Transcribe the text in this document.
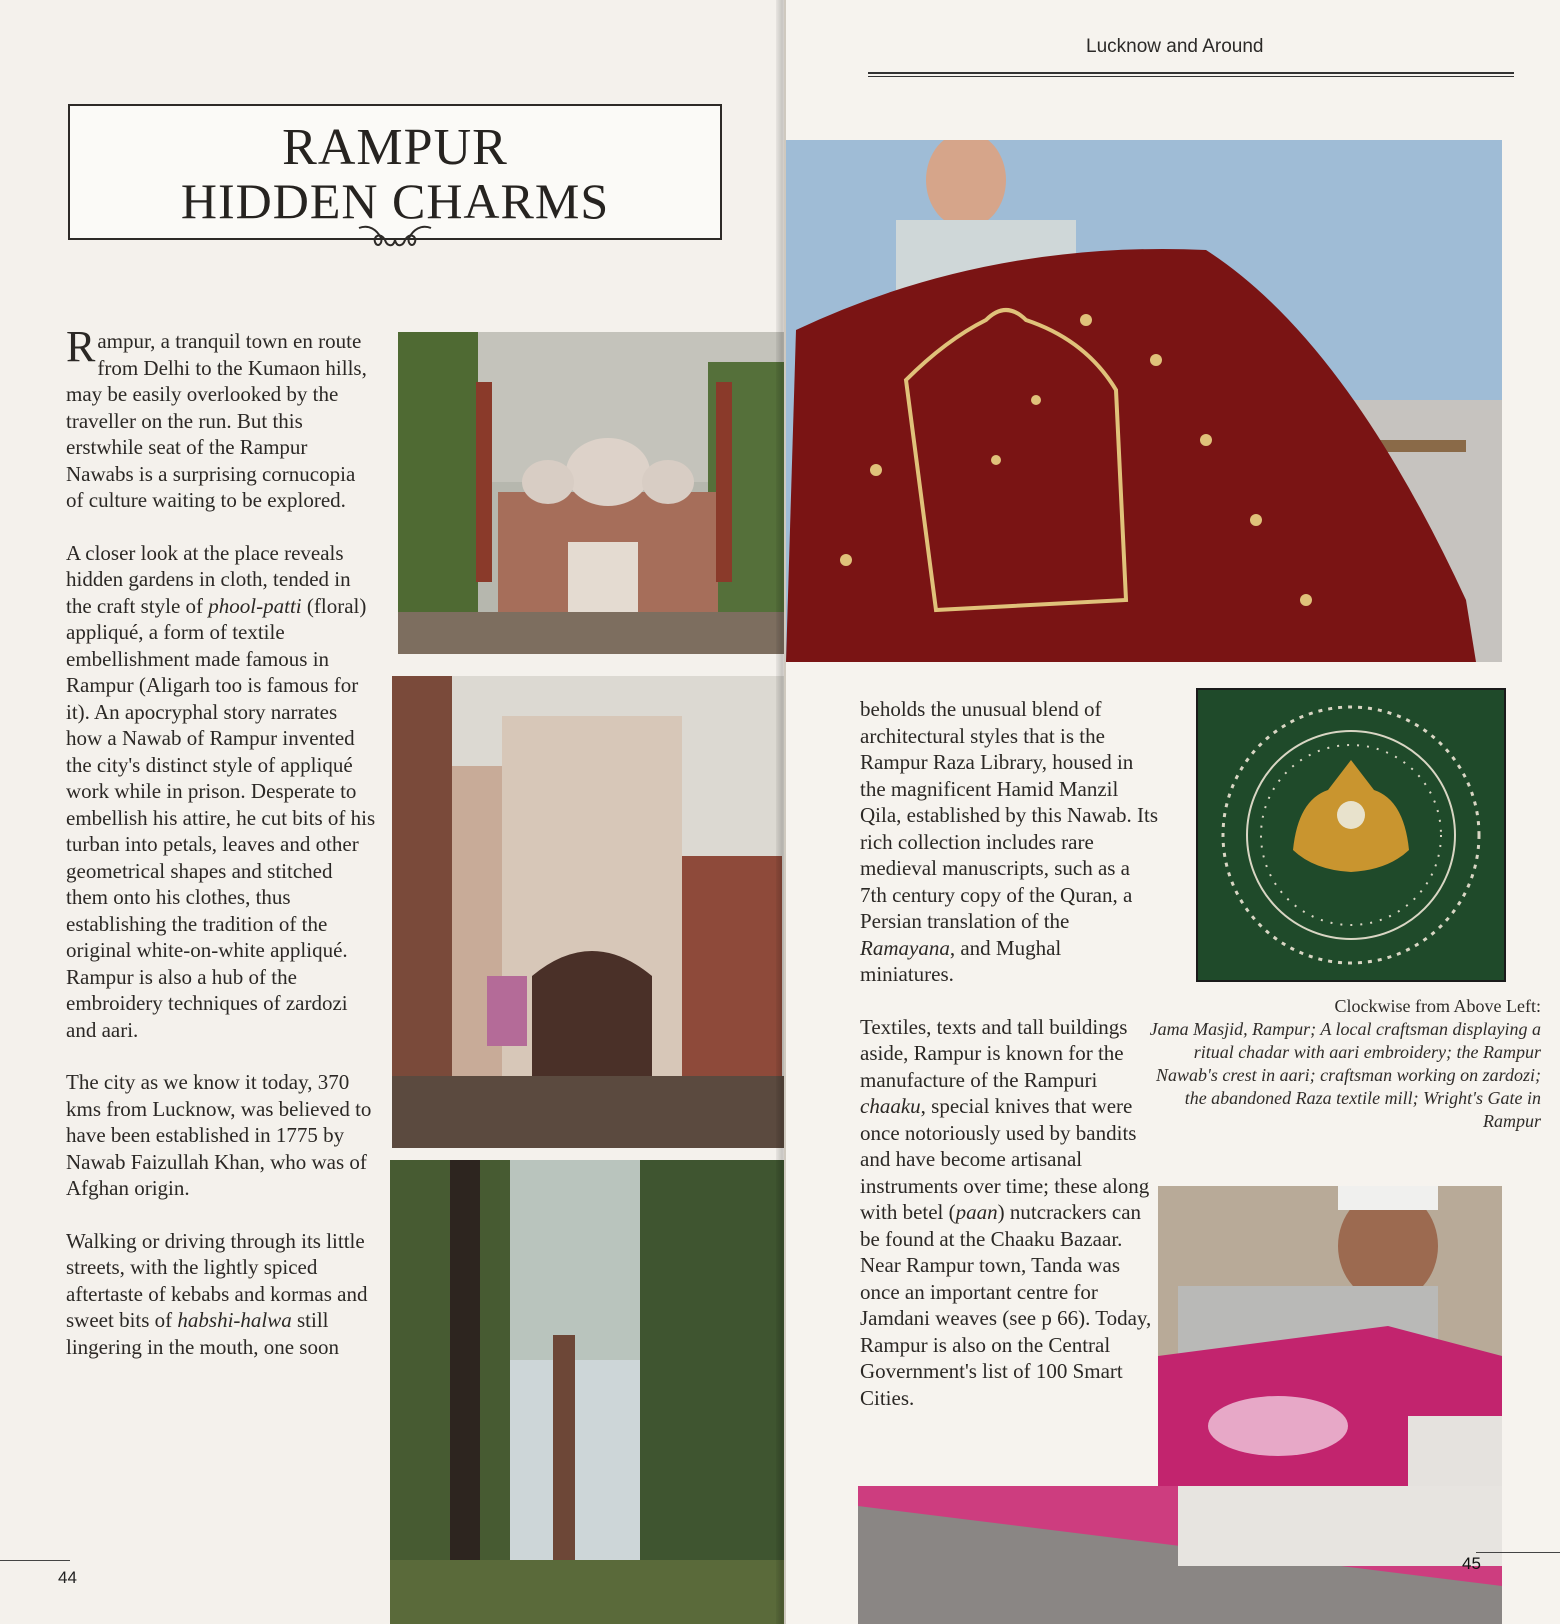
RAMPUR
HIDDEN CHARMS

Rampur, a tranquil town en route from Delhi to the Kumaon hills, may be easily overlooked by the traveller on the run. But this erstwhile seat of the Rampur Nawabs is a surprising cornucopia of culture waiting to be explored.

A closer look at the place reveals hidden gardens in cloth, tended in the craft style of phool-patti (floral) appliqué, a form of textile embellishment made famous in Rampur (Aligarh too is famous for it). An apocryphal story narrates how a Nawab of Rampur invented the city's distinct style of appliqué work while in prison. Desperate to embellish his attire, he cut bits of his turban into petals, leaves and other geometrical shapes and stitched them onto his clothes, thus establishing the tradition of the original white-on-white appliqué. Rampur is also a hub of the embroidery techniques of zardozi and aari.

The city as we know it today, 370 kms from Lucknow, was believed to have been established in 1775 by Nawab Faizullah Khan, who was of Afghan origin.

Walking or driving through its little streets, with the lightly spiced aftertaste of kebabs and kormas and sweet bits of habshi-halwa still lingering in the mouth, one soon

44
Lucknow and Around

beholds the unusual blend of architectural styles that is the Rampur Raza Library, housed in the magnificent Hamid Manzil Qila, established by this Nawab. Its rich collection includes rare medieval manuscripts, such as a 7th century copy of the Quran, a Persian translation of the Ramayana, and Mughal miniatures.

Textiles, texts and tall buildings aside, Rampur is known for the manufacture of the Rampuri chaaku, special knives that were once notoriously used by bandits and have become artisanal instruments over time; these along with betel (paan) nutcrackers can be found at the Chaaku Bazaar. Near Rampur town, Tanda was once an important centre for Jamdani weaves (see p 66). Today, Rampur is also on the Central Government's list of 100 Smart Cities.

Clockwise from Above Left:
Jama Masjid, Rampur; A local craftsman displaying a ritual chadar with aari embroidery; the Rampur Nawab's crest in aari; craftsman working on zardozi; the abandoned Raza textile mill; Wright's Gate in Rampur
45
